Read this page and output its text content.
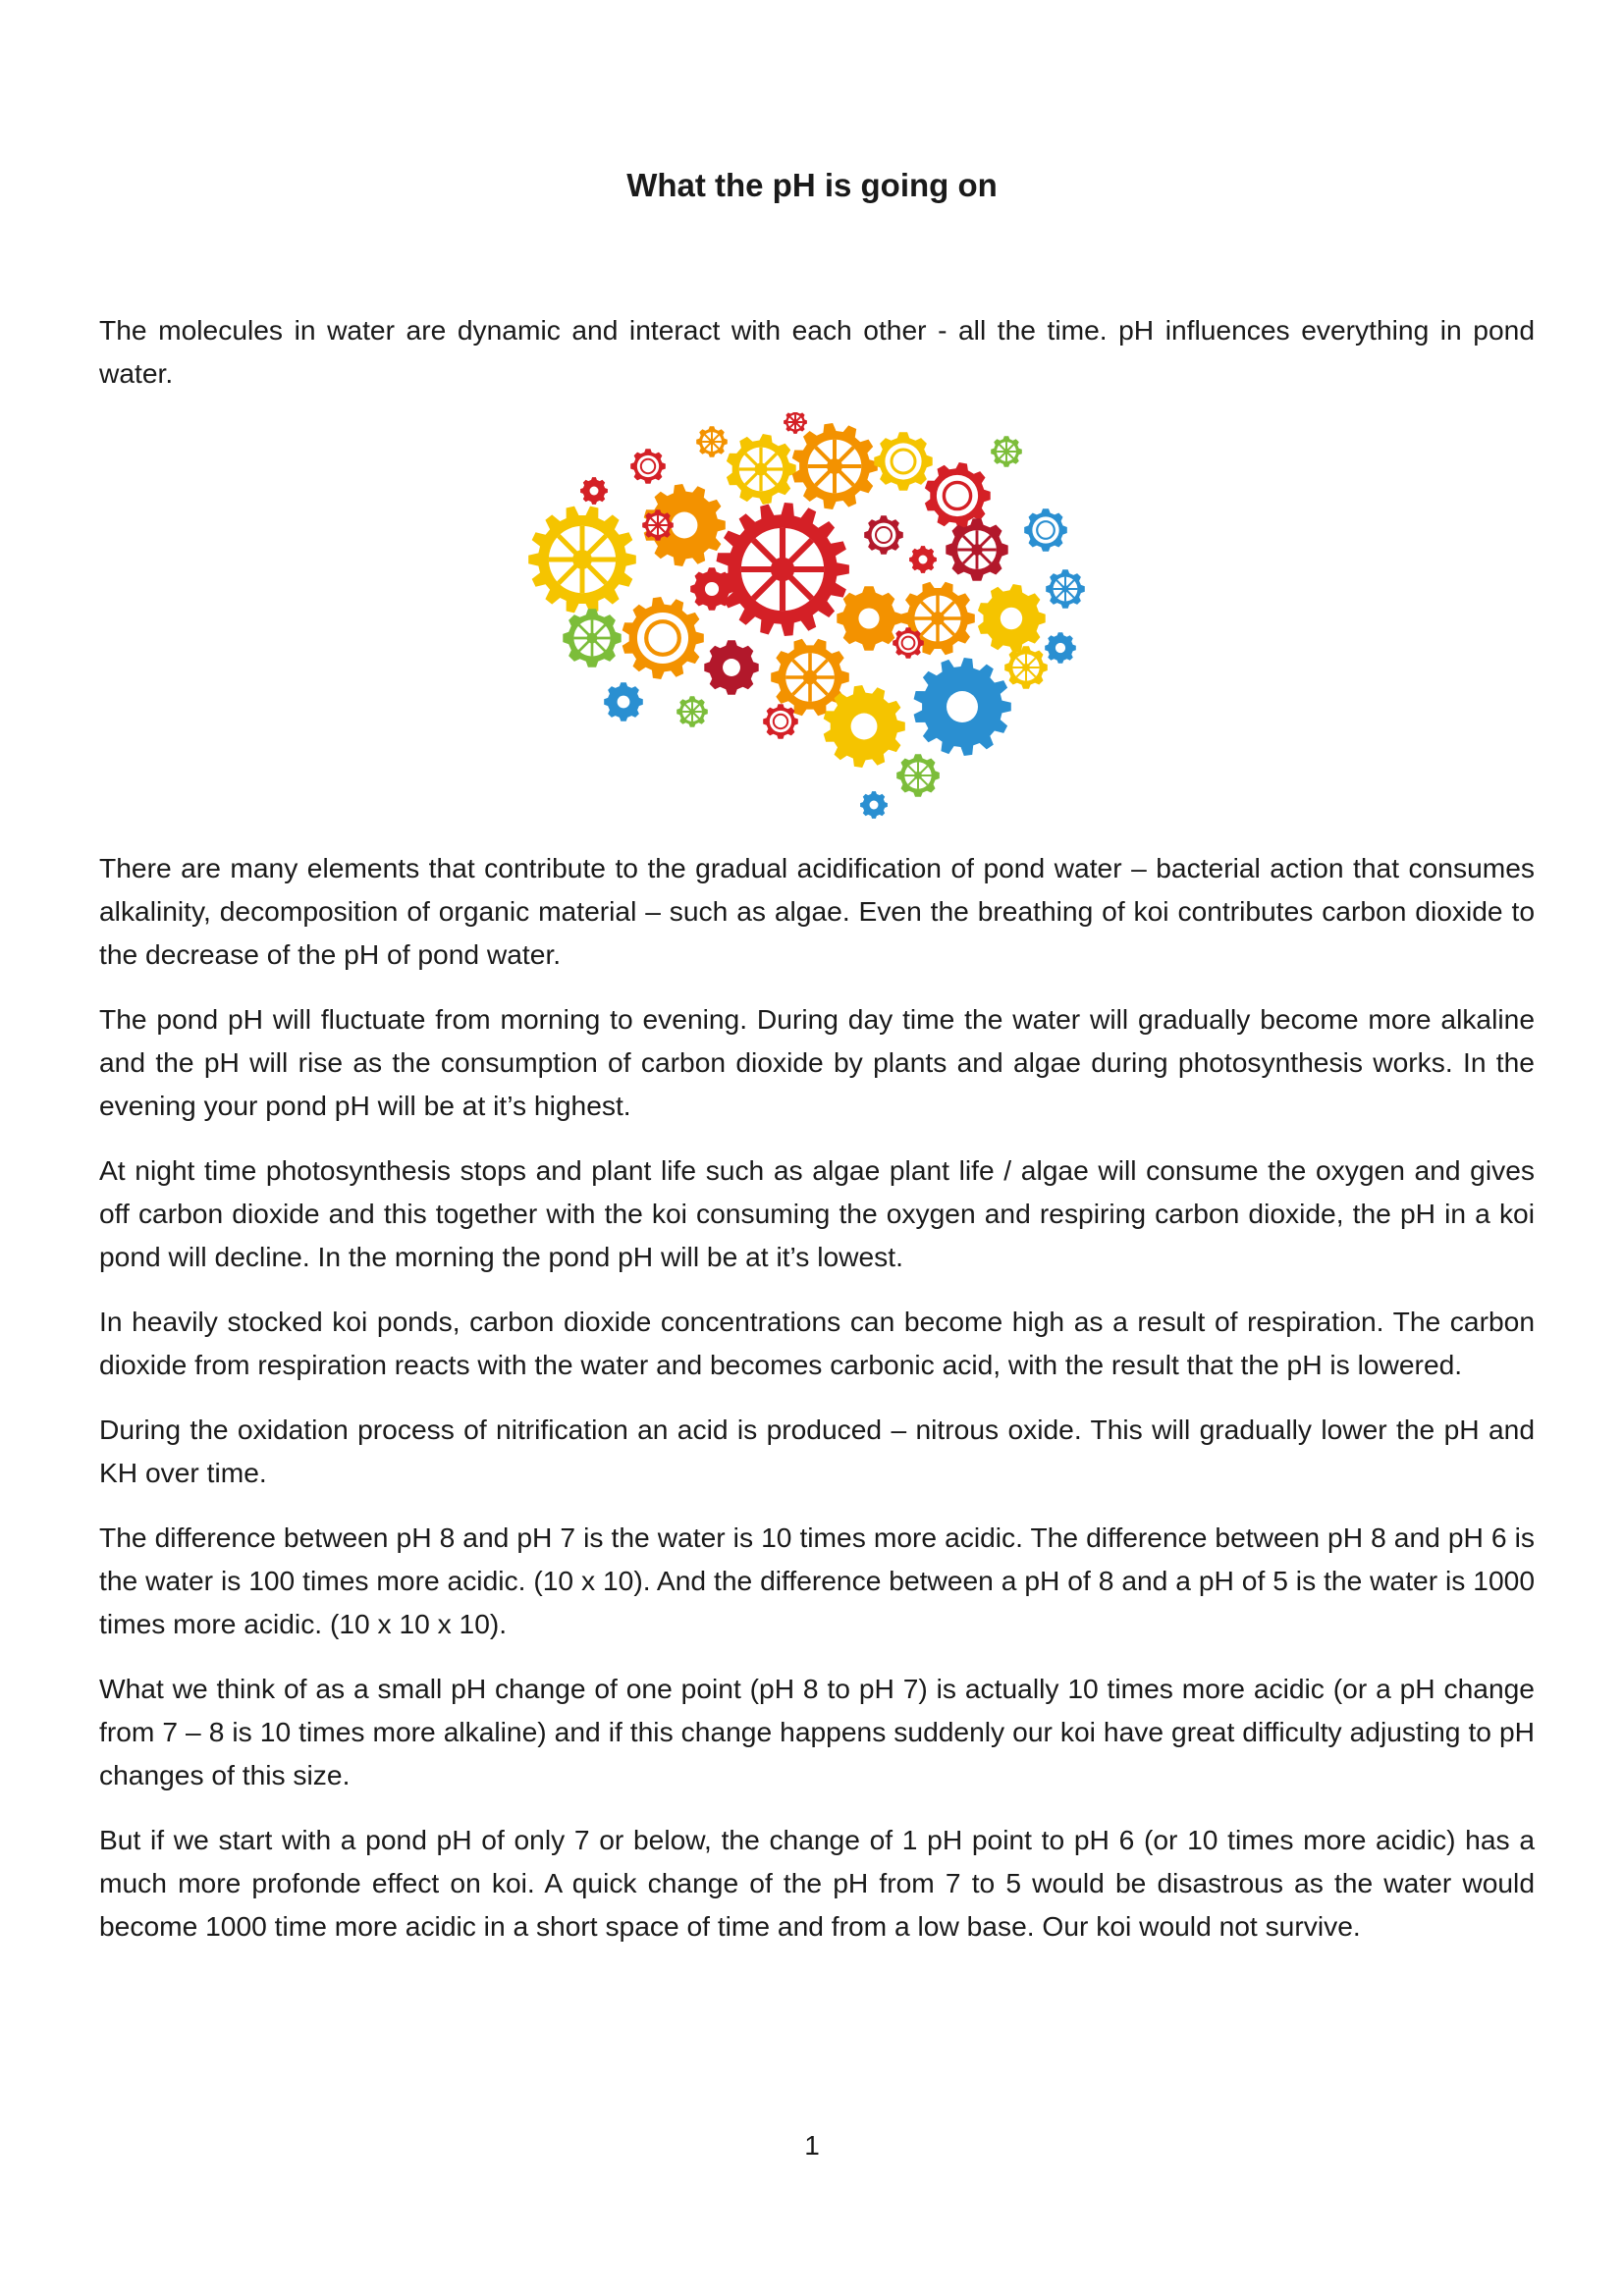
What the pH is going on

The molecules in water are dynamic and interact with each other - all the time. pH influences everything in pond water.

There are many elements that contribute to the gradual acidification of pond water – bacterial action that consumes alkalinity, decomposition of organic material – such as algae. Even the breathing of koi contributes carbon dioxide to the decrease of the pH of pond water.

The pond pH will fluctuate from morning to evening. During day time the water will gradually become more alkaline and the pH will rise as the consumption of carbon dioxide by plants and algae during photosynthesis works. In the evening your pond pH will be at it’s highest.

At night time photosynthesis stops and plant life such as algae plant life / algae will consume the oxygen and gives off carbon dioxide and this together with the koi consuming the oxygen and respiring carbon dioxide, the pH in a koi pond will decline. In the morning the pond pH will be at it’s lowest.

In heavily stocked koi ponds, carbon dioxide concentrations can become high as a result of respiration. The carbon dioxide from respiration reacts with the water and becomes carbonic acid, with the result that the pH is lowered.

During the oxidation process of nitrification an acid is produced – nitrous oxide. This will gradually lower the pH and KH over time.

The difference between pH 8 and pH 7 is the water is 10 times more acidic. The difference between pH 8 and pH 6 is the water is 100 times more acidic. (10 x 10). And the difference between a pH of 8 and a pH of 5 is the water is 1000 times more acidic. (10 x 10 x 10).

What we think of as a small pH change of one point (pH 8 to pH 7) is actually 10 times more acidic (or a pH change from 7 – 8 is 10 times more alkaline) and if this change happens suddenly our koi have great difficulty adjusting to pH changes of this size.

But if we start with a pond pH of only 7 or below, the change of 1 pH point to pH 6 (or 10 times more acidic) has a much more profonde effect on koi. A quick change of the pH from 7 to 5 would be disastrous as the water would become 1000 time more acidic in a short space of time and from a low base. Our koi would not survive.

1
